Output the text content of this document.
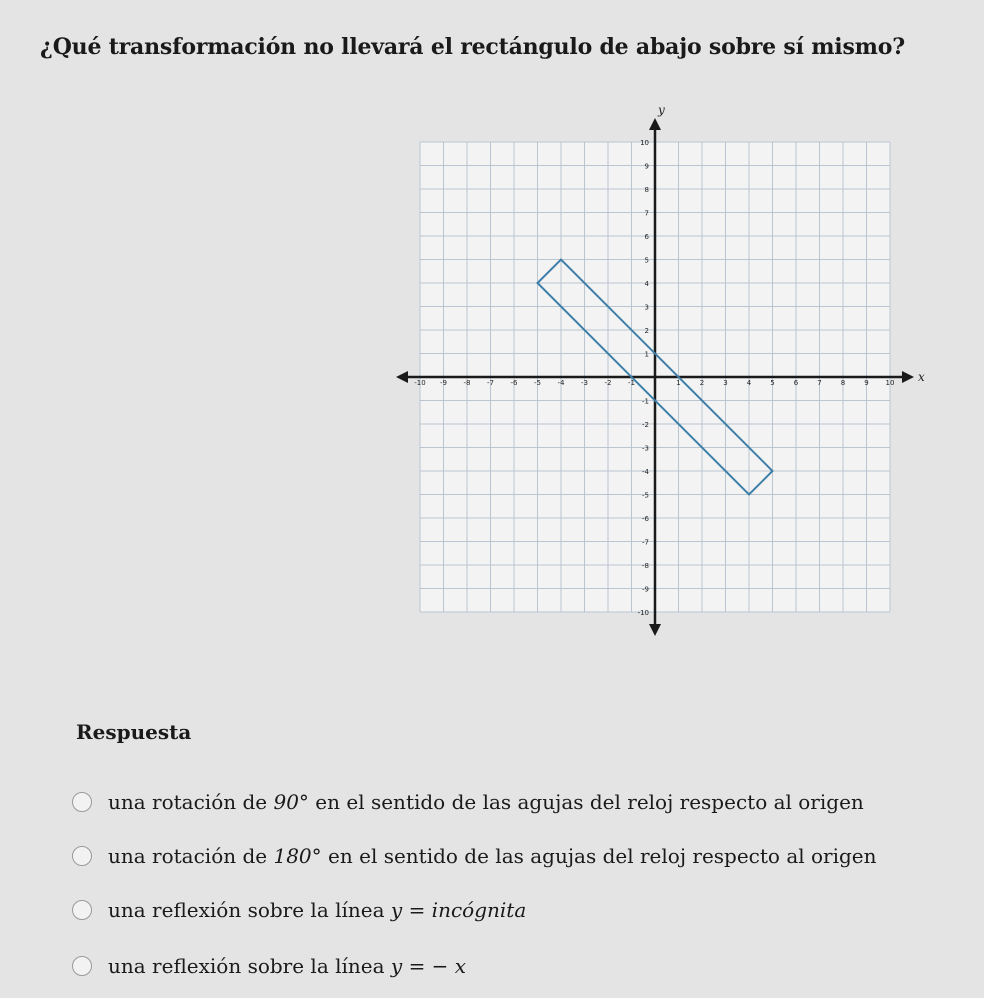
¿Qué transformación no llevará el rectángulo de abajo sobre sí mismo?
-10 -9 -8 -7 -6 -5 -4 -3 -2 -1	1	2	3	4	5	6	7	8	9 10
10
9
8
7
6
5
4
3
2
1
-1
-2
-3
-4
-5
-6
-7
-8
-9
-10
x
y
Respuesta
una rotación de 90° en el sentido de las agujas del reloj respecto al origen
una rotación de 180° en el sentido de las agujas del reloj respecto al origen
una reflexión sobre la línea y = incógnita
una reflexión sobre la línea y = − x
